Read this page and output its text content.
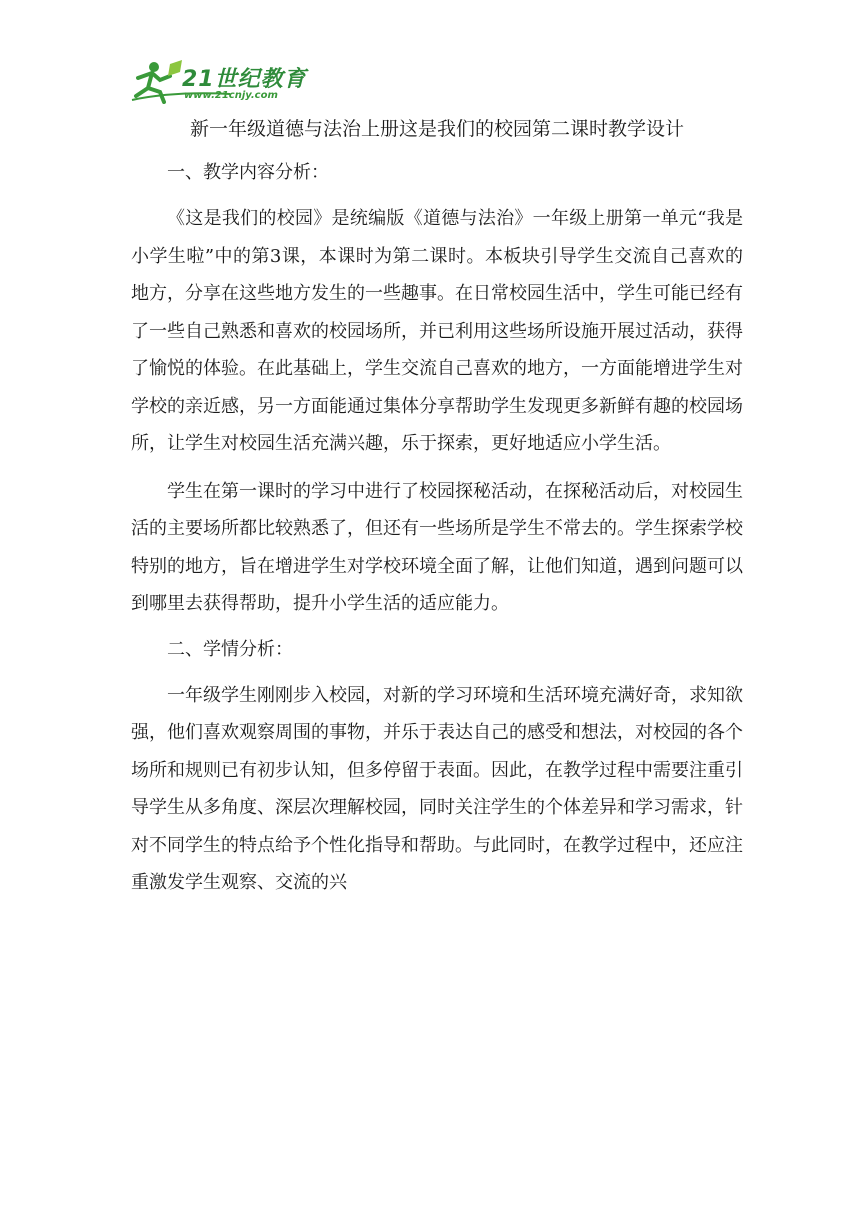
21世纪教育
www.21cnjy.com
新一年级道德与法治上册这是我们的校园第二课时教学设计
一、教学内容分析：

《这是我们的校园》是统编版《道德与法治》一年级上册第一单元“我是小学生啦”中的第3课，本课时为第二课时。本板块引导学生交流自己喜欢的地方，分享在这些地方发生的一些趣事。在日常校园生活中，学生可能已经有了一些自己熟悉和喜欢的校园场所，并已利用这些场所设施开展过活动，获得了愉悦的体验。在此基础上，学生交流自己喜欢的地方，一方面能增进学生对学校的亲近感，另一方面能通过集体分享帮助学生发现更多新鲜有趣的校园场所，让学生对校园生活充满兴趣，乐于探索，更好地适应小学生活。

学生在第一课时的学习中进行了校园探秘活动，在探秘活动后，对校园生活的主要场所都比较熟悉了，但还有一些场所是学生不常去的。学生探索学校特别的地方，旨在增进学生对学校环境全面了解，让他们知道，遇到问题可以到哪里去获得帮助，提升小学生活的适应能力。

二、学情分析：

一年级学生刚刚步入校园，对新的学习环境和生活环境充满好奇，求知欲强，他们喜欢观察周围的事物，并乐于表达自己的感受和想法，对校园的各个场所和规则已有初步认知，但多停留于表面。因此，在教学过程中需要注重引导学生从多角度、深层次理解校园，同时关注学生的个体差异和学习需求，针对不同学生的特点给予个性化指导和帮助。与此同时，在教学过程中，还应注重激发学生观察、交流的兴
